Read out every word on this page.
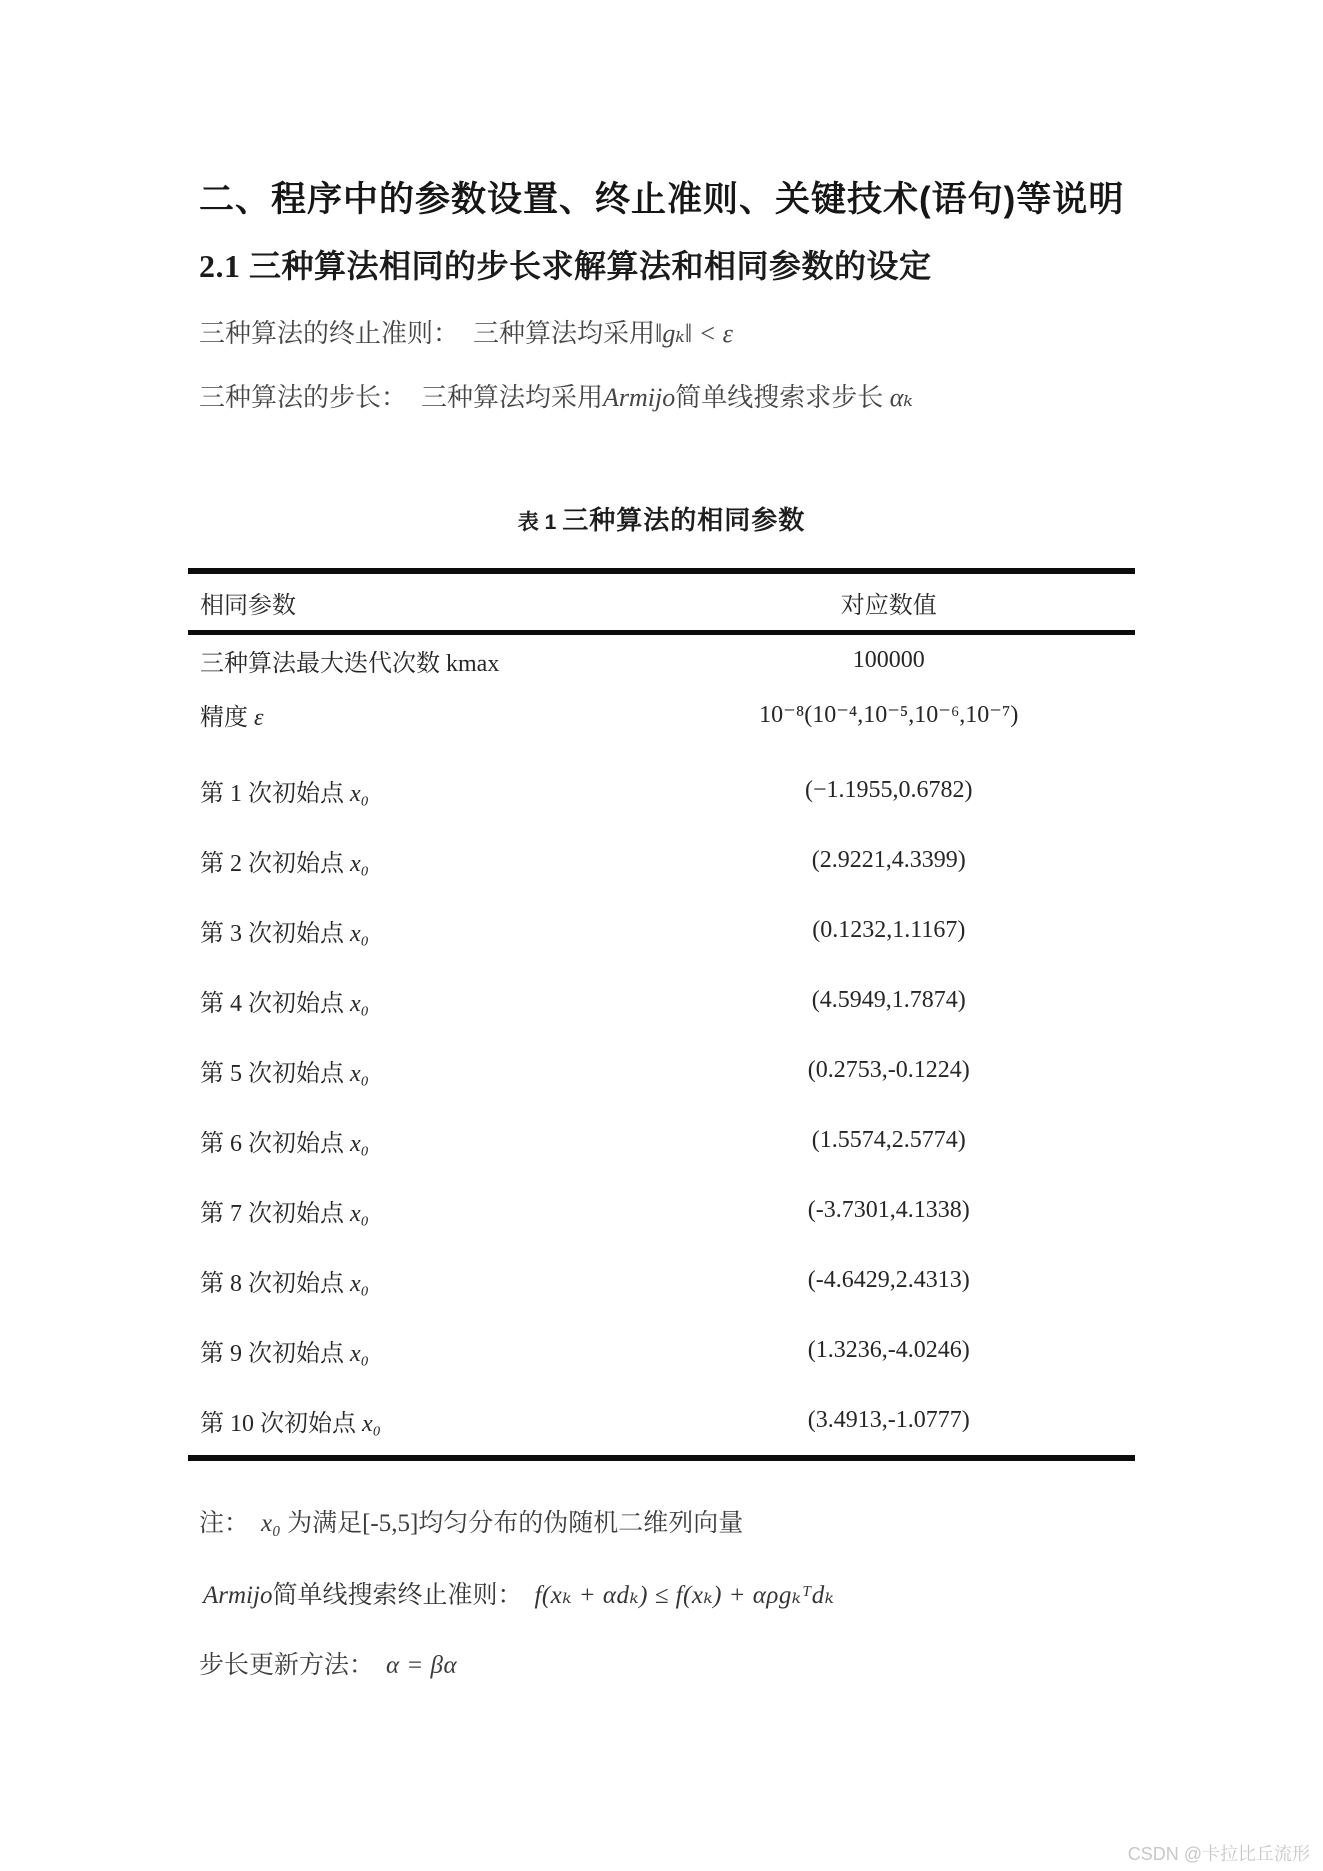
二、程序中的参数设置、终止准则、关键技术(语句)等说明
2.1 三种算法相同的步长求解算法和相同参数的设定

三种算法的终止准则： 三种算法均采用‖gₖ‖ < ε

三种算法的步长： 三种算法均采用Armijo简单线搜索求步长 αₖ

表 1 三种算法的相同参数
相同参数	对应数值
三种算法最大迭代次数 kmax	100000
精度 ε	10⁻⁸(10⁻⁴,10⁻⁵,10⁻⁶,10⁻⁷)
第 1 次初始点 x₀	(−1.1955,0.6782)
第 2 次初始点 x₀	(2.9221,4.3399)
第 3 次初始点 x₀	(0.1232,1.1167)
第 4 次初始点 x₀	(4.5949,1.7874)
第 5 次初始点 x₀	(0.2753,-0.1224)
第 6 次初始点 x₀	(1.5574,2.5774)
第 7 次初始点 x₀	(-3.7301,4.1338)
第 8 次初始点 x₀	(-4.6429,2.4313)
第 9 次初始点 x₀	(1.3236,-4.0246)
第 10 次初始点 x₀	(3.4913,-1.0777)

注： x₀ 为满足[-5,5]均匀分布的伪随机二维列向量

Armijo简单线搜索终止准则： f(xₖ + αdₖ) ≤ f(xₖ) + αρgₖᵀdₖ

步长更新方法： α = βα

CSDN @卡拉比丘流形
